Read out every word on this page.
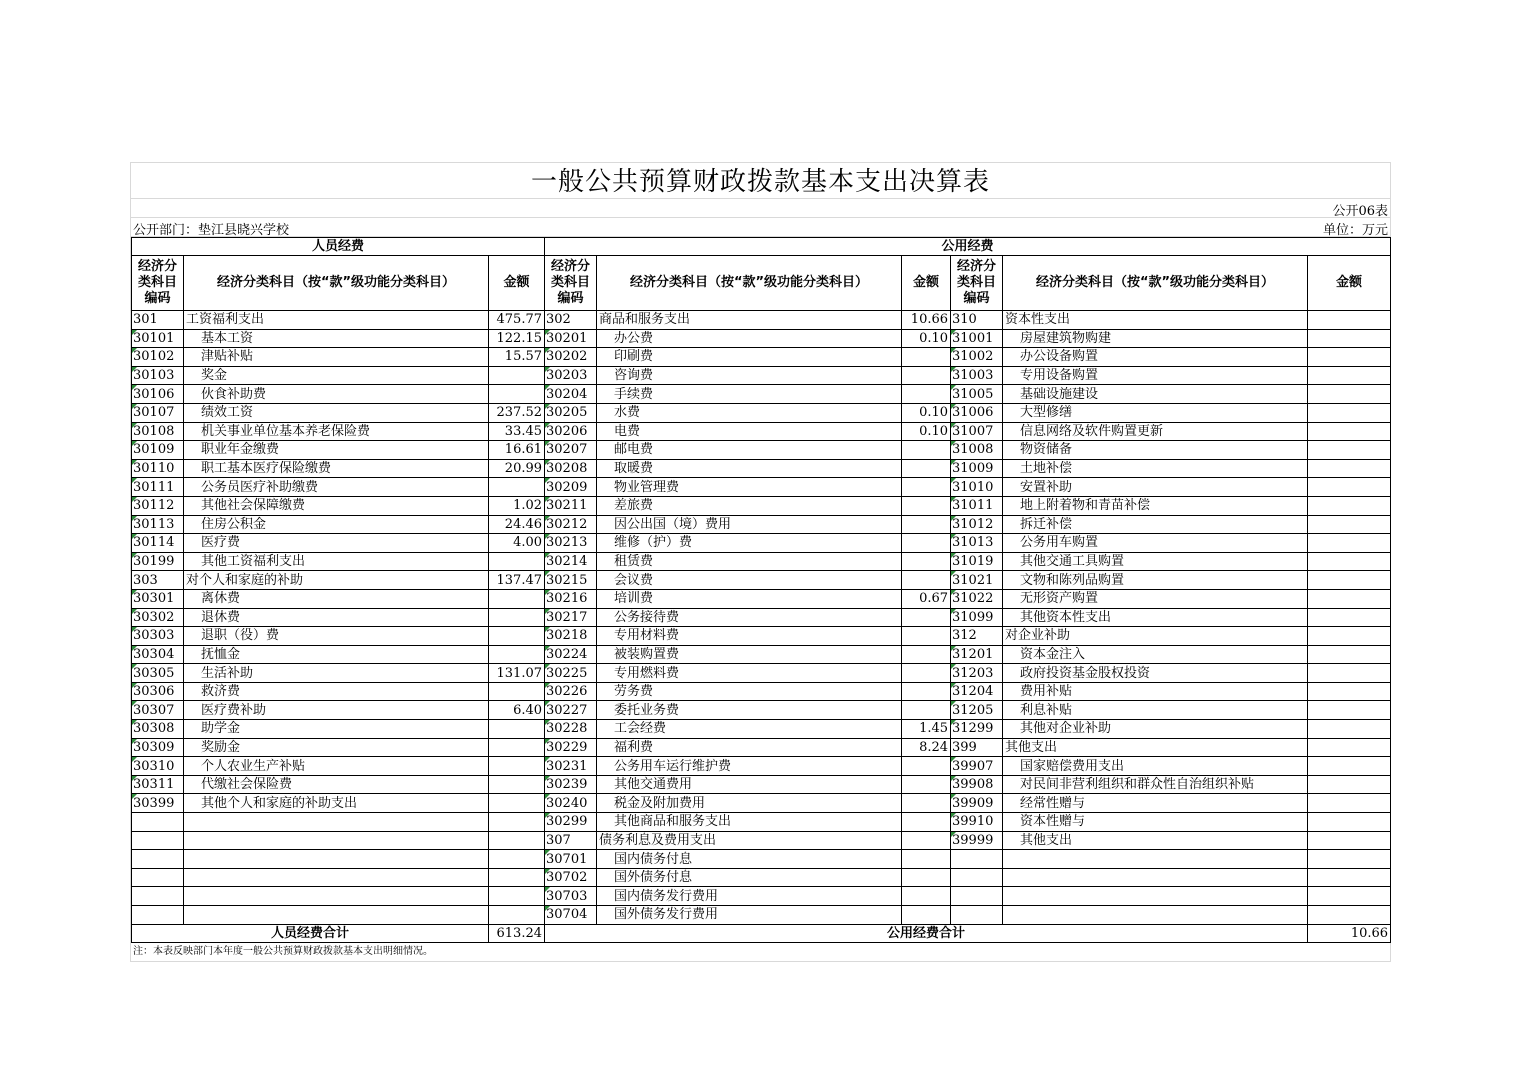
一般公共预算财政拨款基本支出决算表
公开06表
公开部门：垫江县晓兴学校	单位：万元
人员经费			公用经费					
经济分类科目编码	经济分类科目（按“款”级功能分类科目）	金额	经济分类科目编码	经济分类科目（按“款”级功能分类科目）	金额	经济分类科目编码	经济分类科目（按“款”级功能分类科目）	金额
301	工资福利支出	475.77	302	商品和服务支出	10.66	310	资本性支出	
30101	基本工资	122.15	30201	办公费	0.10	31001	房屋建筑物购建	
30102	津贴补贴	15.57	30202	印刷费		31002	办公设备购置	
30103	奖金		30203	咨询费		31003	专用设备购置	
30106	伙食补助费		30204	手续费		31005	基础设施建设	
30107	绩效工资	237.52	30205	水费	0.10	31006	大型修缮	
30108	机关事业单位基本养老保险费	33.45	30206	电费	0.10	31007	信息网络及软件购置更新	
30109	职业年金缴费	16.61	30207	邮电费		31008	物资储备	
30110	职工基本医疗保险缴费	20.99	30208	取暖费		31009	土地补偿	
30111	公务员医疗补助缴费		30209	物业管理费		31010	安置补助	
30112	其他社会保障缴费	1.02	30211	差旅费		31011	地上附着物和青苗补偿	
30113	住房公积金	24.46	30212	因公出国（境）费用		31012	拆迁补偿	
30114	医疗费	4.00	30213	维修（护）费		31013	公务用车购置	
30199	其他工资福利支出		30214	租赁费		31019	其他交通工具购置	
303	对个人和家庭的补助	137.47	30215	会议费		31021	文物和陈列品购置	
30301	离休费		30216	培训费	0.67	31022	无形资产购置	
30302	退休费		30217	公务接待费		31099	其他资本性支出	
30303	退职（役）费		30218	专用材料费		312	对企业补助	
30304	抚恤金		30224	被装购置费		31201	资本金注入	
30305	生活补助	131.07	30225	专用燃料费		31203	政府投资基金股权投资	
30306	救济费		30226	劳务费		31204	费用补贴	
30307	医疗费补助	6.40	30227	委托业务费		31205	利息补贴	
30308	助学金		30228	工会经费	1.45	31299	其他对企业补助	
30309	奖励金		30229	福利费	8.24	399	其他支出	
30310	个人农业生产补贴		30231	公务用车运行维护费		39907	国家赔偿费用支出	
30311	代缴社会保险费		30239	其他交通费用		39908	对民间非营利组织和群众性自治组织补贴	
30399	其他个人和家庭的补助支出		30240	税金及附加费用		39909	经常性赠与	
			30299	其他商品和服务支出		39910	资本性赠与	
			307	债务利息及费用支出		39999	其他支出	
			30701	国内债务付息				
			30702	国外债务付息				
			30703	国内债务发行费用				
			30704	国外债务发行费用				
人员经费合计		613.24	公用经费合计					10.66
注：本表反映部门本年度一般公共预算财政拨款基本支出明细情况。
